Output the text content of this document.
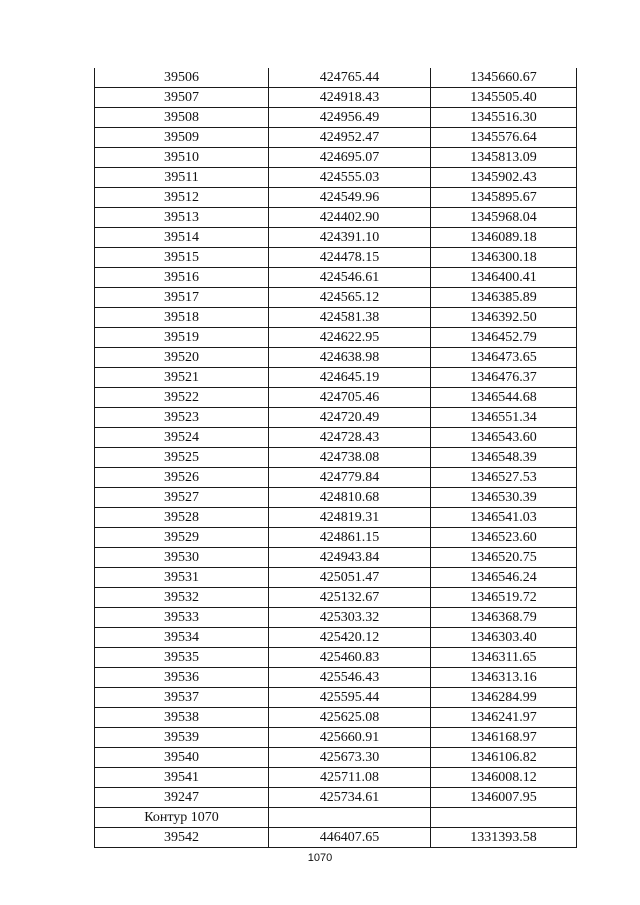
39506	424765.44	1345660.67
39507	424918.43	1345505.40
39508	424956.49	1345516.30
39509	424952.47	1345576.64
39510	424695.07	1345813.09
39511	424555.03	1345902.43
39512	424549.96	1345895.67
39513	424402.90	1345968.04
39514	424391.10	1346089.18
39515	424478.15	1346300.18
39516	424546.61	1346400.41
39517	424565.12	1346385.89
39518	424581.38	1346392.50
39519	424622.95	1346452.79
39520	424638.98	1346473.65
39521	424645.19	1346476.37
39522	424705.46	1346544.68
39523	424720.49	1346551.34
39524	424728.43	1346543.60
39525	424738.08	1346548.39
39526	424779.84	1346527.53
39527	424810.68	1346530.39
39528	424819.31	1346541.03
39529	424861.15	1346523.60
39530	424943.84	1346520.75
39531	425051.47	1346546.24
39532	425132.67	1346519.72
39533	425303.32	1346368.79
39534	425420.12	1346303.40
39535	425460.83	1346311.65
39536	425546.43	1346313.16
39537	425595.44	1346284.99
39538	425625.08	1346241.97
39539	425660.91	1346168.97
39540	425673.30	1346106.82
39541	425711.08	1346008.12
39247	425734.61	1346007.95
Контур 1070		
39542	446407.65	1331393.58
1070
